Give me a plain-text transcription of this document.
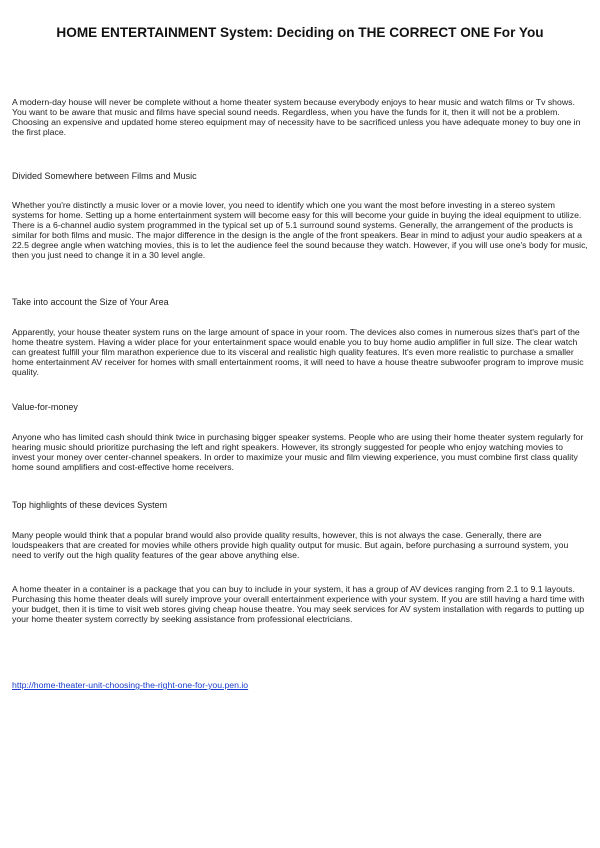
HOME ENTERTAINMENT System: Deciding on THE CORRECT ONE For You

A modern-day house will never be complete without a home theater system because everybody enjoys to hear music and watch films or Tv shows. You want to be aware that music and films have special sound needs. Regardless, when you have the funds for it, then it will not be a problem. Choosing an expensive and updated home stereo equipment may of necessity have to be sacrificed unless you have adequate money to buy one in the first place.

Divided Somewhere between Films and Music

Whether you're distinctly a music lover or a movie lover, you need to identify which one you want the most before investing in a stereo system systems for home. Setting up a home entertainment system will become easy for this will become your guide in buying the ideal equipment to utilize. There is a 6-channel audio system programmed in the typical set up of 5.1 surround sound systems. Generally, the arrangement of the products is similar for both films and music. The major difference in the design is the angle of the front speakers. Bear in mind to adjust your audio speakers at a 22.5 degree angle when watching movies, this is to let the audience feel the sound because they watch. However, if you will use one's body for music, then you just need to change it in a 30 level angle.

Take into account the Size of Your Area

Apparently, your house theater system runs on the large amount of space in your room. The devices also comes in numerous sizes that's part of the home theatre system. Having a wider place for your entertainment space would enable you to buy home audio amplifier in full size. The clear watch can greatest fulfill your film marathon experience due to its visceral and realistic high quality features. It's even more realistic to purchase a smaller home entertainment AV receiver for homes with small entertainment rooms, it will need to have a house theatre subwoofer program to improve music quality.

Value-for-money

Anyone who has limited cash should think twice in purchasing bigger speaker systems. People who are using their home theater system regularly for hearing music should prioritize purchasing the left and right speakers. However, its strongly suggested for people who enjoy watching movies to invest your money over center-channel speakers. In order to maximize your music and film viewing experience, you must combine first class quality home sound amplifiers and cost-effective home receivers.

Top highlights of these devices System

Many people would think that a popular brand would also provide quality results, however, this is not always the case. Generally, there are loudspeakers that are created for movies while others provide high quality output for music. But again, before purchasing a surround system, you need to verify out the high quality features of the gear above anything else.

A home theater in a container is a package that you can buy to include in your system, it has a group of AV devices ranging from 2.1 to 9.1 layouts. Purchasing this home theater deals will surely improve your overall entertainment experience with your system. If you are still having a hard time with your budget, then it is time to visit web stores giving cheap house theatre. You may seek services for AV system installation with regards to putting up your home theater system correctly by seeking assistance from professional electricians.

http://home-theater-unit-choosing-the-right-one-for-you.pen.io
